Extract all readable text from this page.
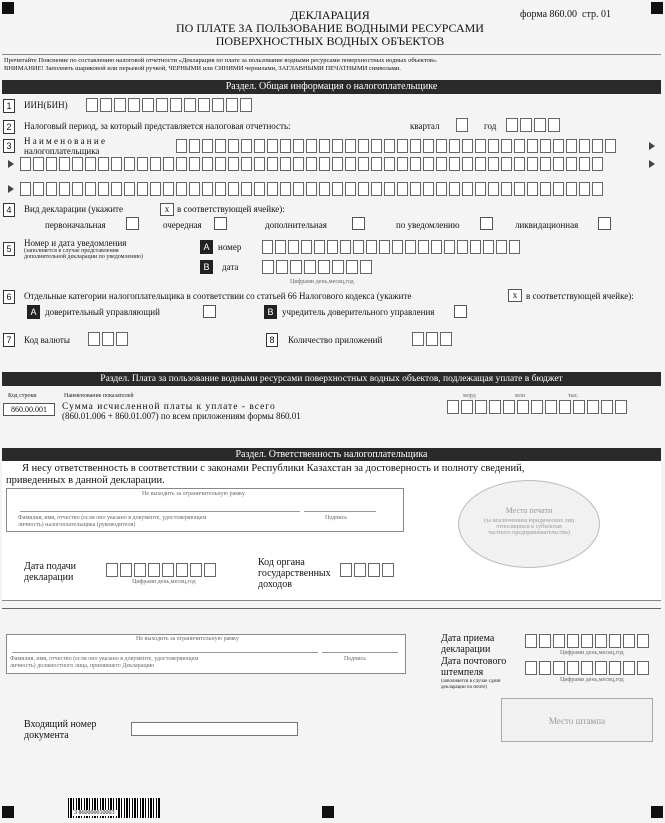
ДЕКЛАРАЦИЯ
ПО ПЛАТЕ ЗА ПОЛЬЗОВАНИЕ ВОДНЫМИ РЕСУРСАМИ
ПОВЕРХНОСТНЫХ ВОДНЫХ ОБЪЕКТОВ
форма 860.00 стр. 01
Прочитайте Пояснение по составлению налоговой отчетности «Декларация по плате за пользование водными ресурсами поверхностных водных объектов».
ВНИМАНИЕ! Заполнять шариковой или перьевой ручкой, ЧЕРНЫМИ или СИНИМИ чернилами, ЗАГЛАВНЫМИ ПЕЧАТНЫМИ символами.
Раздел. Общая информация о налогоплательщике
1	ИИН(БИН)
2	Налоговый период, за который представляется налоговая отчетность:	квартал	год
3	Н а и м е н о в а н и е
налогоплательщика
4	Вид декларации (укажите	x в соответствующей ячейке):
первоначальная	очередная	дополнительная	по уведомлению	ликвидационная
5
Номер и дата уведомления
(заполняется в случае представления
дополнительной декларации по уведомлению)
A номер
B	дата
Цифрами день,месяц,год
6	Отдельные категории налогоплательщика в соответствии со статьей 66 Налогового кодекса (укажите	x в соответствующей ячейке):
A доверительный управляющий	B учредитель доверительного управления
7	Код валюты	8	Количество приложений
Раздел. Плата за пользование водными ресурсами поверхностных водных объектов, подлежащая уплате в бюджет
Код строки	Наименование показателей
860.00.001	Сумма исчисленной платы к уплате - всего
(860.01.006 + 860.01.007) по всем приложениям формы 860.01
млрд	млн	тыс.
Раздел. Ответственность налогоплательщика
Я несу ответственность в соответствии с законами Республики Казахстан за достоверность и полноту сведений,
приведенных в данной декларации.
Не выходить за ограничительную рамку
Фамилия, имя, отчество (если оно указано в документе, удостоверяющем
личность) налогоплательщика (руководителя)
Подпись
Место печати
(за исключением юридических лиц
относящихся к субъектам
частного предпринимательства)
Дата подачи
декларации	Цифрами день,месяц,год
Код органа
государственных
доходов
Не выходить за ограничительную рамку
Фамилия, имя, отчество (если оно указано в документе, удостоверяющем
личность) должностного лица, принявшего Декларацию
Подпись
Дата приема
декларации	Цифрами день,месяц,год
Дата почтового
штемпеля
(заполняется в случае сдачи
декларации по почте)
Цифрами день,месяц,год
Входящий номер
документа
Место штампа
3 860000010003
